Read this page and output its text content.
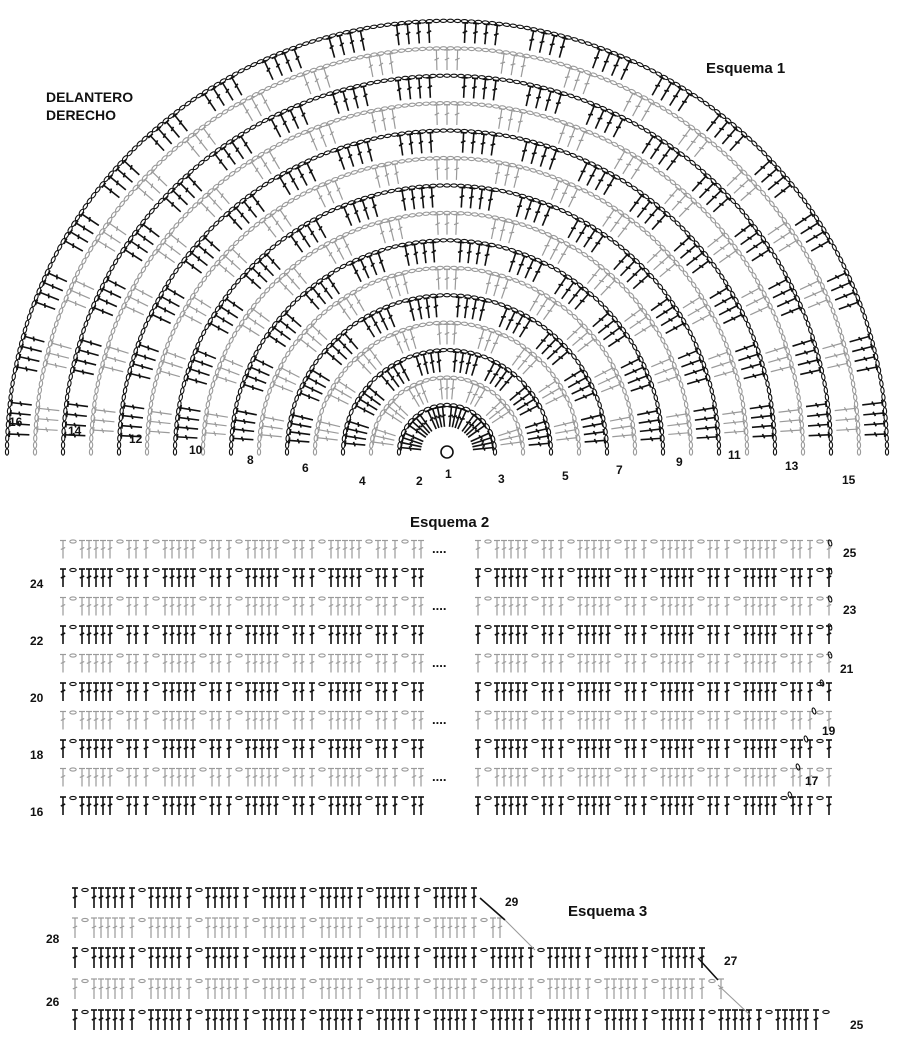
Esquema 1
DELANTERO
DERECHO
1
2	3
4	5
6	7
8	9
10	11
12
13
14
15
16
Esquema 2
....
....
....
....
....
16
18
20
22
24
17
19
21
23
25
Esquema 3
26
28
25
27
29
